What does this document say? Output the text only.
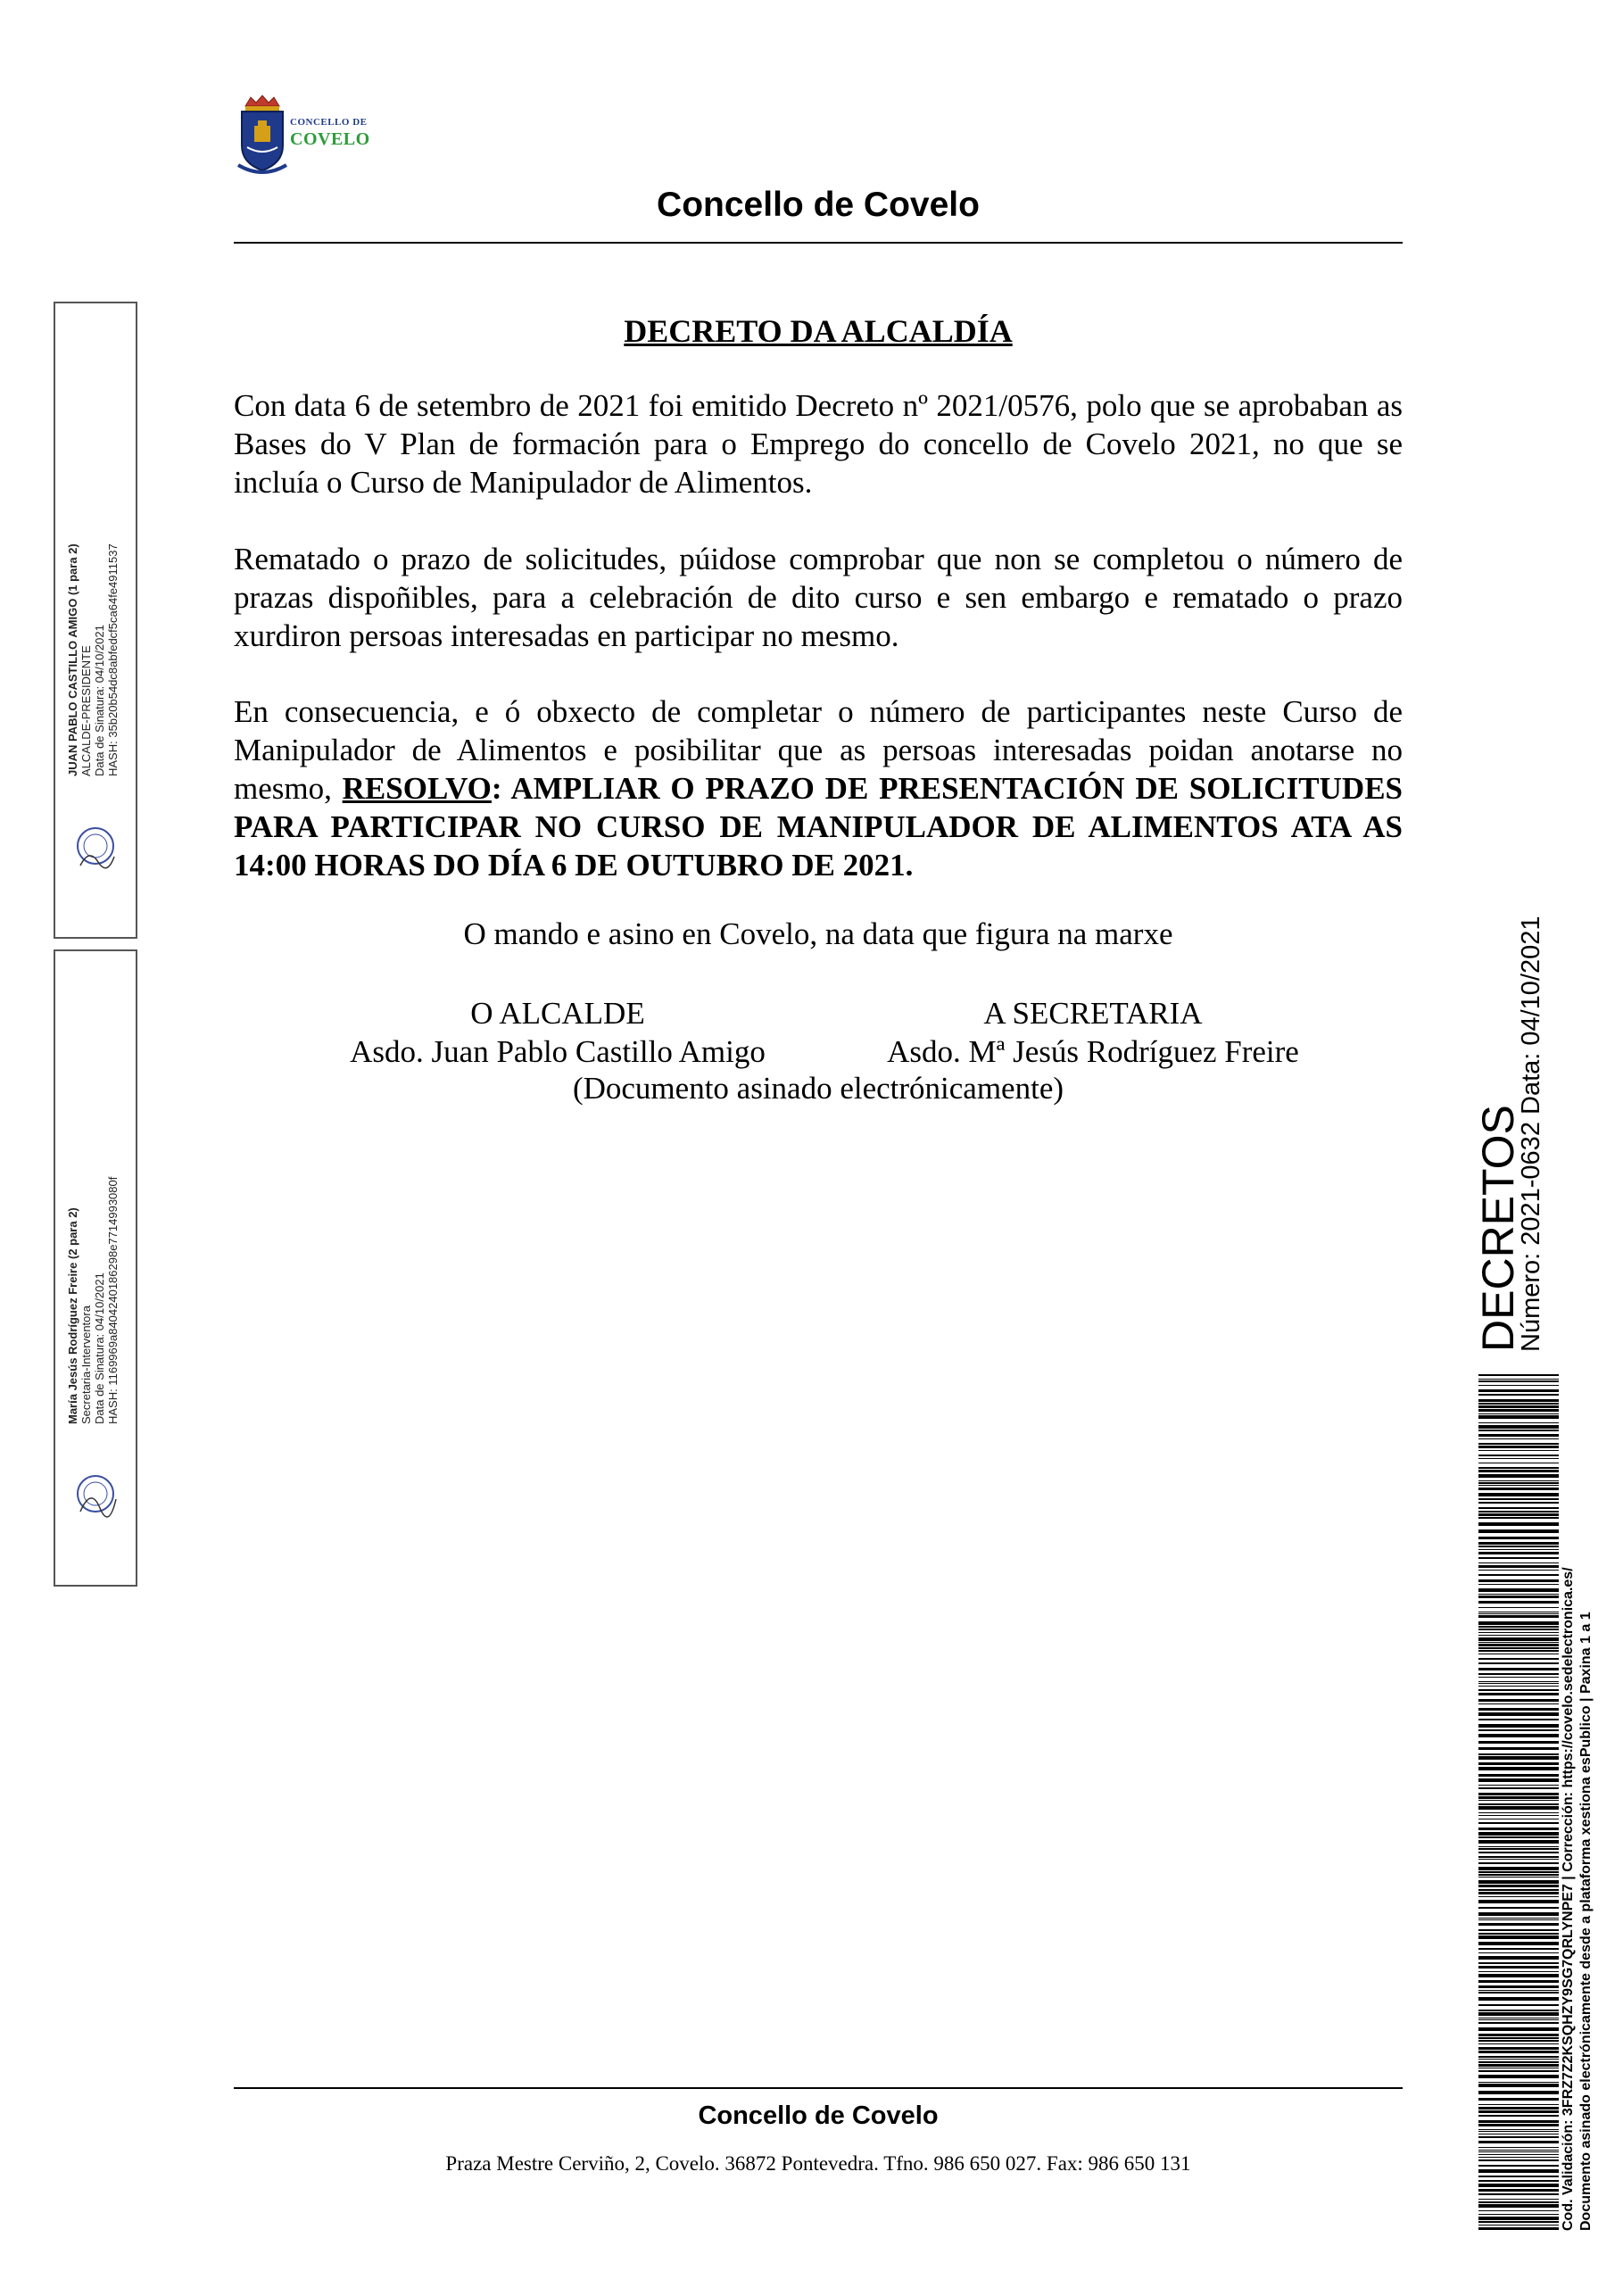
CONCELLO DE
COVELO
Concello de Covelo
DECRETO DA ALCALDÍA

Con data 6 de setembro de 2021 foi emitido Decreto nº 2021/0576, polo que se aprobaban as Bases do V Plan de formación para o Emprego do concello de Covelo 2021, no que se incluía o Curso de Manipulador de Alimentos.

Rematado o prazo de solicitudes, púidose comprobar que non se completou o número de prazas dispoñibles, para a celebración de dito curso e sen embargo e rematado o prazo xurdiron persoas interesadas en participar no mesmo.

En consecuencia, e ó obxecto de completar o número de participantes neste Curso de Manipulador de Alimentos e posibilitar que as persoas interesadas poidan anotarse no mesmo, RESOLVO: AMPLIAR O PRAZO DE PRESENTACIÓN DE SOLICITUDES PARA PARTICIPAR NO CURSO DE MANIPULADOR DE ALIMENTOS ATA AS 14:00 HORAS DO DÍA 6 DE OUTUBRO DE 2021.

O mando e asino en Covelo, na data que figura na marxe
O ALCALDE
Asdo. Juan Pablo Castillo Amigo
A SECRETARIA
Asdo. Mª Jesús Rodríguez Freire
(Documento asinado electrónicamente)
JUAN PABLO CASTILLO AMIGO (1 para 2) ALCALDE-PRESIDENTE Data de Sinatura: 04/10/2021 HASH: 35b20b54dc8abfedcf5ca64fe4911537
María Jesús Rodríguez Freire (2 para 2) Secretaria-Interventora Data de Sinatura: 04/10/2021 HASH: 1169969a8404240186298e7714993080f	DECRETOS
Número: 2021-0632 Data: 04/10/2021
Cod. Validación: 3FRZ7Z2KSQHZY9SG7QRLYNPE7 | Corrección: https://covelo.sedelectronica.es/ Documento asinado electrónicamente desde a plataforma xestiona esPublico | Paxina 1 a 1
Concello de Covelo
Praza Mestre Cerviño, 2, Covelo. 36872 Pontevedra. Tfno. 986 650 027. Fax: 986 650 131
